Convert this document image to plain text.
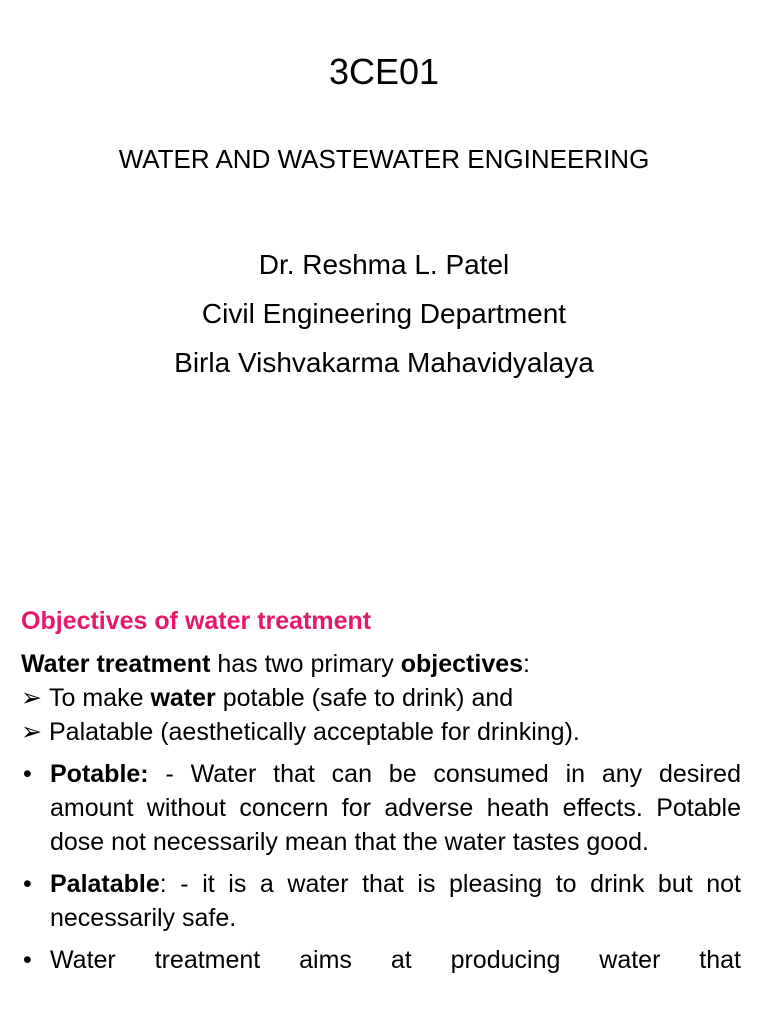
3CE01
WATER AND WASTEWATER ENGINEERING
Dr. Reshma L. Patel
Civil Engineering Department
Birla Vishvakarma Mahavidyalaya
Objectives of water treatment
Water treatment has two primary objectives:
➢ To make water potable (safe to drink) and
➢ Palatable (aesthetically acceptable for drinking).
• Potable: - Water that can be consumed in any desired amount without concern for adverse heath effects. Potable dose not necessarily mean that the water tastes good.
• Palatable: - it is a water that is pleasing to drink but not necessarily safe.
• Water treatment aims at producing water that
